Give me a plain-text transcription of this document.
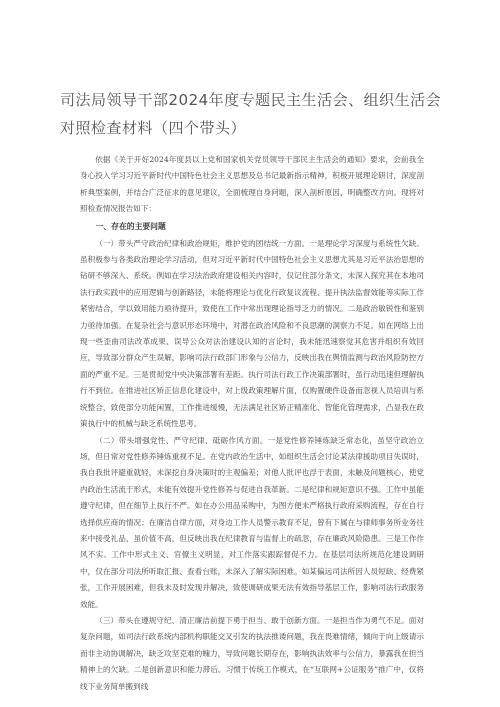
司法局领导干部2024年度专题民主生活会、组织生活会对照检查材料（四个带头）

依据《关于开好2024年度县以上党和国家机关党员领导干部民主生活会的通知》要求，会前我全身心投入学习习近平新时代中国特色社会主义思想及总书记最新指示精神，积极开展理论研讨，深度剖析典型案例，并结合广泛征求的意见建议，全面梳理自身问题，深入剖析原因，明确整改方向。现将对照检查情况报告如下：

一、存在的主要问题

（一）带头严守政治纪律和政治规矩，维护党的团结统一方面。一是理论学习深度与系统性欠缺。虽积极参与各类政治理论学习活动，但对习近平新时代中国特色社会主义思想尤其是习近平法治思想的钻研不够深入、系统。例如在学习法治政府建设相关内容时，仅记住部分条文，未深入探究其在本地司法行政实践中的应用逻辑与创新路径，未能将理论与优化行政复议流程、提升执法监督效能等实际工作紧密结合，学以致用能力亟待提升，致使在工作中常出现理论指导乏力的情况。二是政治敏锐性和鉴别力亟待加强。在复杂社会与意识形态环境中，对潜在政治风险和不良思潮的洞察力不足。如在网络上出现一些歪曲司法改革成果、误导公众对法治建设认知的言论时，我未能迅速察觉其危害并组织有效回应，导致部分群众产生误解，影响司法行政部门形象与公信力，反映出我在舆情监测与政治风险防控方面的严重不足。三是贯彻党中央决策部署有差距。执行司法行政工作决策部署时，虽行动迅速但理解执行不到位。在推进社区矫正信息化建设中，对上级政策理解片面，仅购置硬件设备而忽视人员培训与系统整合，致使部分功能闲置，工作推进缓慢，无法满足社区矫正精准化、智能化管理需求，凸显我在政策执行中的机械与缺乏系统性思考。

（二）带头增强党性、严守纪律、砥砺作风方面。一是党性修养锤炼缺乏常态化，虽坚守政治立场，但日常对党性修养锤炼重视不足。在党内政治生活中，如组织生活会讨论某法律援助项目失误时，我自我批评避重就轻，未深挖自身决策时的主观偏差；对他人批评也浮于表面，未触及问题核心，使党内政治生活流于形式，未能有效提升党性修养与促进自我革新。二是纪律和规矩意识不强。工作中虽能遵守纪律，但在细节上执行不严。如在办公用品采购中，为图方便未严格执行政府采购流程，存在自行选择供应商的情况；在廉洁自律方面，对身边工作人员警示教育不足，曾有下属在与律师事务所业务往来中接受礼品，虽价值不高，但反映出我在纪律教育与监督上的疏忽，存在廉政风险隐患。三是工作作风不实。工作中形式主义、官僚主义明显，对工作落实跟踪督促不力。在基层司法所规范化建设调研中，仅在部分司法所听取汇报、查看台账，未深入了解实际困难。如某偏远司法所因人员短缺、经费紧张，工作开展困难，但我未及时发现并解决，致使调研成果无法有效指导基层工作，影响司法行政服务效能。

（三）带头在遵规守纪、清正廉洁前提下勇于担当、敢于创新方面。一是担当作为勇气不足。面对复杂问题，如司法行政系统内部机构职能交叉引发的执法推诿问题，我在畏难情绪，倾向于向上级请示而非主动协调解决，缺乏攻坚克难的魄力，导致问题长期存在，影响执法效率与公信力，暴露我在担当精神上的欠缺。二是创新意识和能力滞后。习惯于传统工作模式，在“互联网+公证服务”推广中，仅将线下业务简单搬到线
